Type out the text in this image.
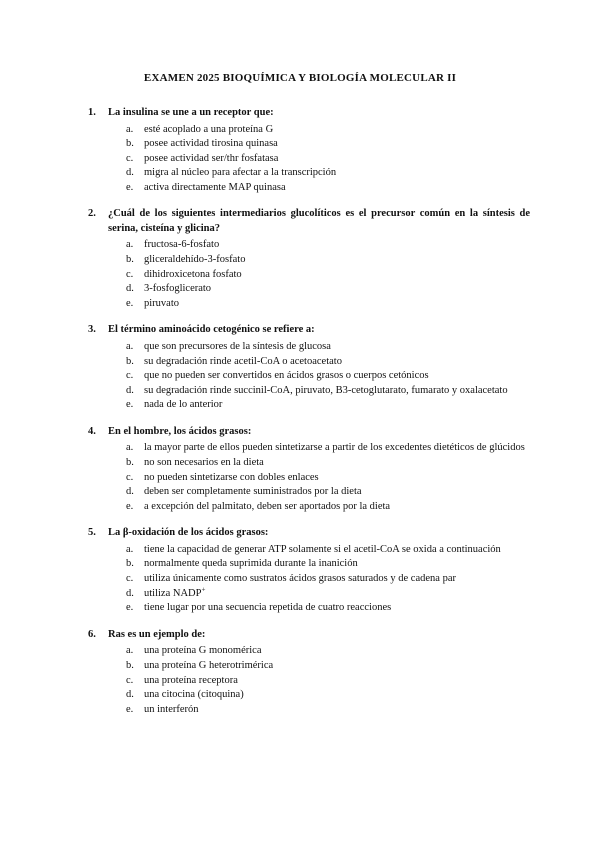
EXAMEN 2025 BIOQUÍMICA Y BIOLOGÍA MOLECULAR II
1.	La insulina se une a un receptor que:
a.	esté acoplado a una proteína G
b. posee actividad tirosina quinasa
c.	posee actividad ser/thr fosfatasa
d. migra al núcleo para afectar a la transcripción
e.	activa directamente MAP quinasa
2.	¿Cuál de los siguientes intermediarios glucolíticos es el precursor común en la síntesis de serina, cisteína y glicina?
a.	fructosa-6-fosfato
b. gliceraldehído-3-fosfato
c.	dihidroxicetona fosfato
d. 3-fosfoglicerato
e.	piruvato
3.	El término aminoácido cetogénico se refiere a:
a.	que son precursores de la síntesis de glucosa
b. su degradación rinde acetil-CoA o acetoacetato
c.	que no pueden ser convertidos en ácidos grasos o cuerpos cetónicos
d. su degradación rinde succinil-CoA, piruvato, B3-cetoglutarato, fumarato y oxalacetato
e.	nada de lo anterior
4.	En el hombre, los ácidos grasos:
a.	la mayor parte de ellos pueden sintetizarse a partir de los excedentes dietéticos de glúcidos
b. no son necesarios en la dieta
c.	no pueden sintetizarse con dobles enlaces
d. deben ser completamente suministrados por la dieta
e.	a excepción del palmitato, deben ser aportados por la dieta
5.	La β-oxidación de los ácidos grasos:
a.	tiene la capacidad de generar ATP solamente si el acetil-CoA se oxida a continuación
b. normalmente queda suprimida durante la inanición
c.	utiliza únicamente como sustratos ácidos grasos saturados y de cadena par
d. utiliza NADP+
e.	tiene lugar por una secuencia repetida de cuatro reacciones
6.	Ras es un ejemplo de:
a.	una proteína G monomérica
b. una proteína G heterotrimérica
c.	una proteína receptora
d. una citocina (citoquina)
e.	un interferón
